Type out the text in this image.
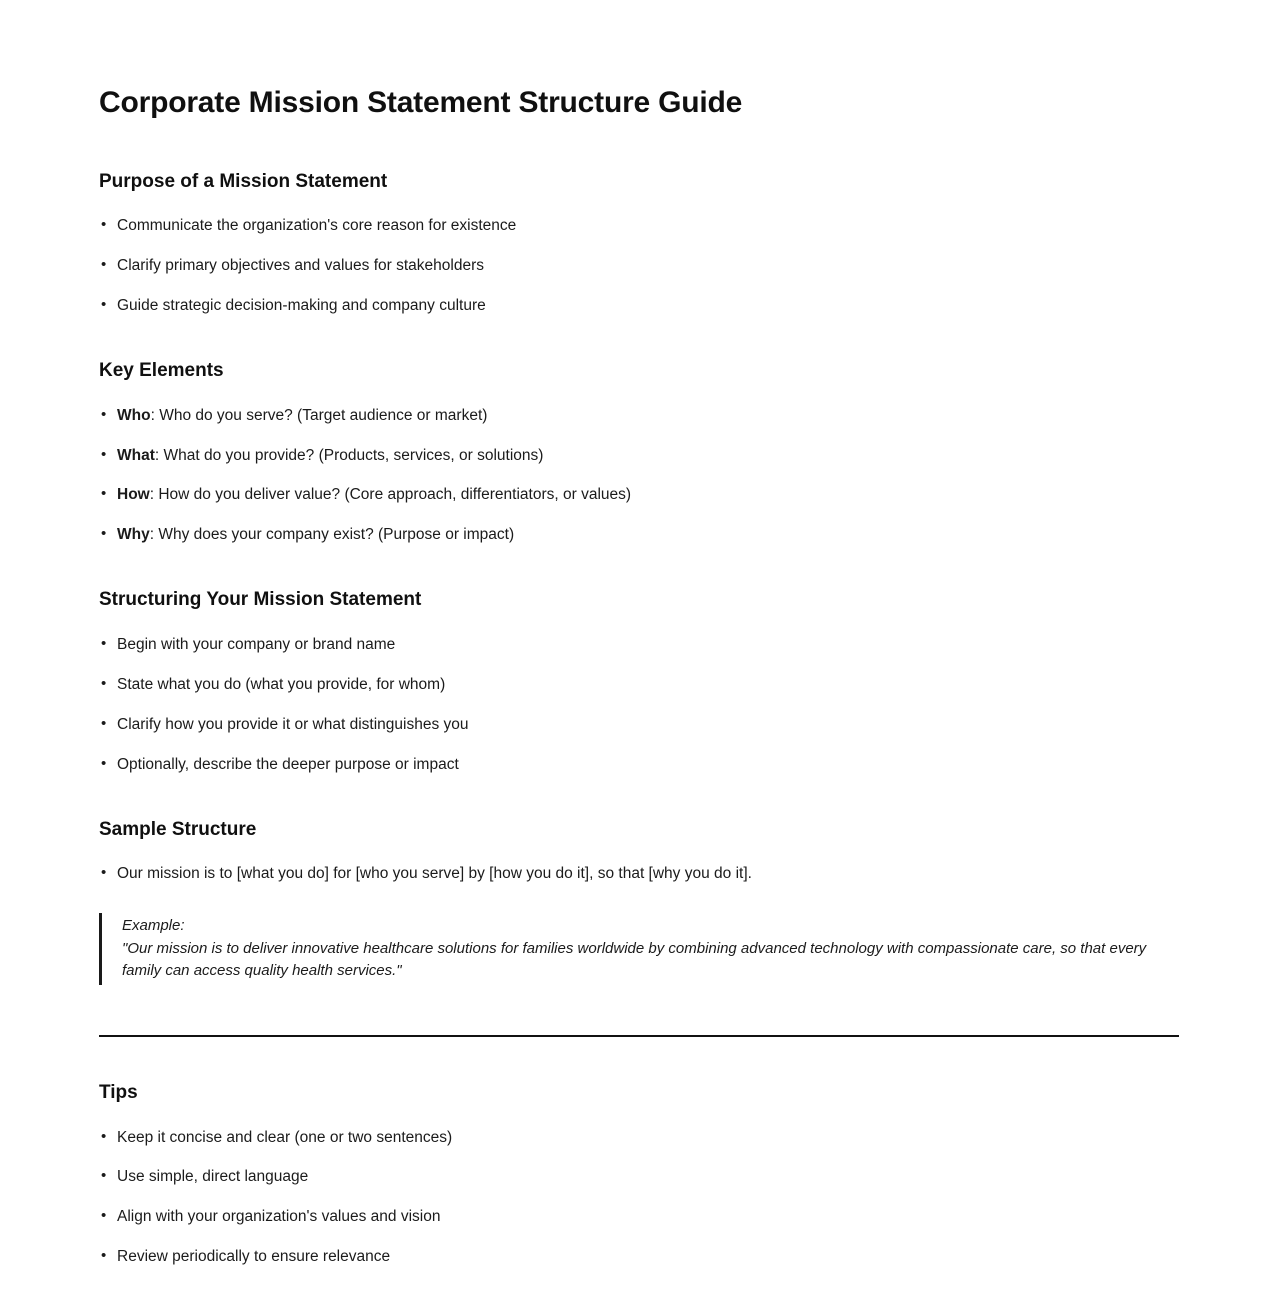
Corporate Mission Statement Structure Guide
Purpose of a Mission Statement
• Communicate the organization's core reason for existence
• Clarify primary objectives and values for stakeholders
• Guide strategic decision-making and company culture
Key Elements
• Who: Who do you serve? (Target audience or market)
• What: What do you provide? (Products, services, or solutions)
• How: How do you deliver value? (Core approach, differentiators, or values)
• Why: Why does your company exist? (Purpose or impact)
Structuring Your Mission Statement
• Begin with your company or brand name
• State what you do (what you provide, for whom)
• Clarify how you provide it or what distinguishes you
• Optionally, describe the deeper purpose or impact
Sample Structure
• Our mission is to [what you do] for [who you serve] by [how you do it], so that [why you do it].
Example:
"Our mission is to deliver innovative healthcare solutions for families worldwide by combining advanced technology with compassionate care, so that every family can access quality health services."
Tips
• Keep it concise and clear (one or two sentences)
• Use simple, direct language
• Align with your organization's values and vision
• Review periodically to ensure relevance
